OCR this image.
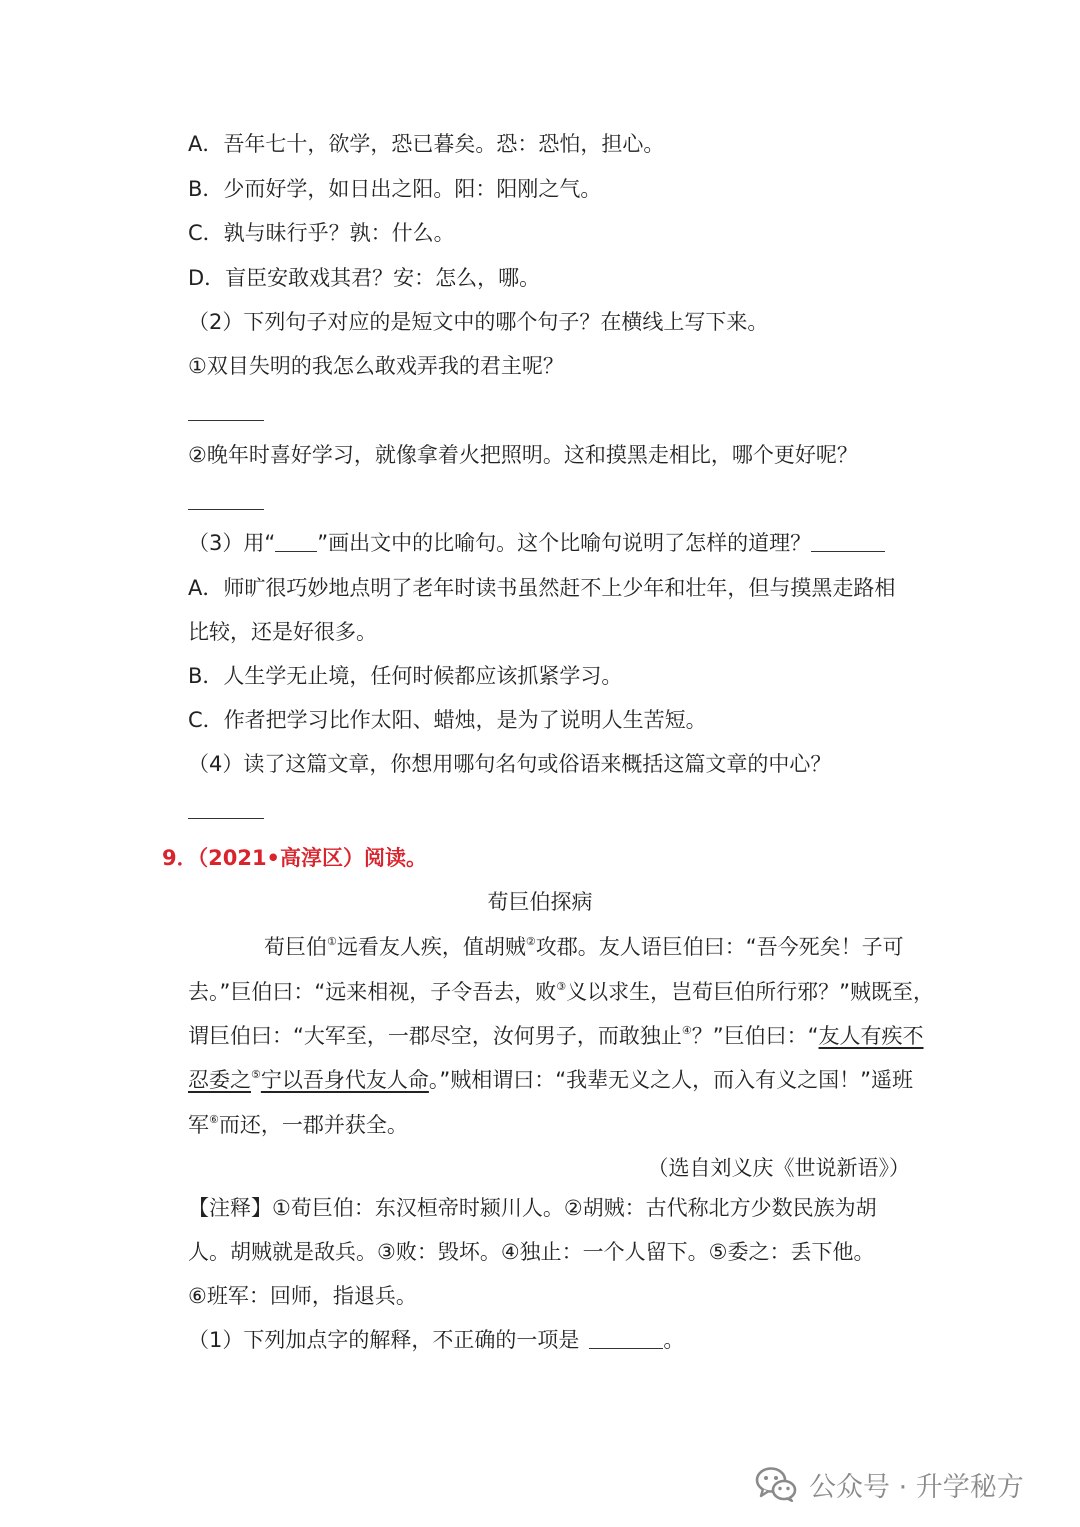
A．吾年七十，欲学，恐已暮矣。恐：恐怕，担心。
B．少而好学，如日出之阳。阳：阳刚之气。
C．孰与昧行乎？孰：什么。
D．盲臣安敢戏其君？安：怎么，哪。
（2）下列句子对应的是短文中的哪个句子？在横线上写下来。
①双目失明的我怎么敢戏弄我的君主呢？
②晚年时喜好学习，就像拿着火把照明。这和摸黑走相比，哪个更好呢？
（3）用“ ”画出文中的比喻句。这个比喻句说明了怎样的道理？
A．师旷很巧妙地点明了老年时读书虽然赶不上少年和壮年，但与摸黑走路相
比较，还是好很多。
B．人生学无止境，任何时候都应该抓紧学习。
C．作者把学习比作太阳、蜡烛，是为了说明人生苦短。
（4）读了这篇文章，你想用哪句名句或俗语来概括这篇文章的中心？
9．（2021•高淳区）阅读。
荀巨伯探病
荀巨伯①远看友人疾，值胡贼②攻郡。友人语巨伯曰：“吾今死矣！子可
去。”巨伯曰：“远来相视，子令吾去，败③义以求生，岂荀巨伯所行邪？”贼既至，
谓巨伯曰：“大军至，一郡尽空，汝何男子，而敢独止④？”巨伯曰：“友人有疾不
忍委之⑤宁以吾身代友人命。”贼相谓曰：“我辈无义之人，而入有义之国！”遥班
军⑥而还，一郡并获全。
（选自刘义庆《世说新语》）
【注释】①荀巨伯：东汉桓帝时颍川人。②胡贼：古代称北方少数民族为胡
人。胡贼就是敌兵。③败：毁坏。④独止：一个人留下。⑤委之：丢下他。
⑥班军：回师，指退兵。
（1）下列加点字的解释，不正确的一项是	。
公众号 · 升学秘方
